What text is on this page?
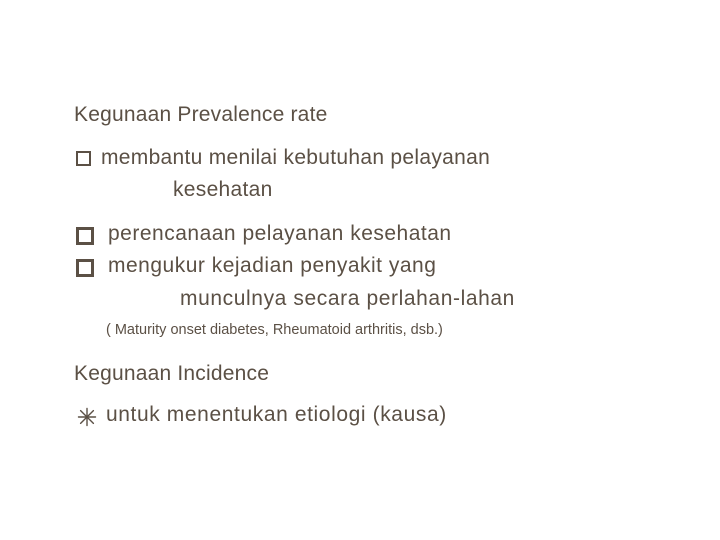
Kegunaan Prevalence rate
membantu menilai kebutuhan pelayanan
kesehatan
perencanaan pelayanan kesehatan
mengukur kejadian penyakit yang
munculnya secara perlahan-lahan
( Maturity onset diabetes, Rheumatoid arthritis, dsb.)
Kegunaan Incidence
untuk menentukan etiologi (kausa)
